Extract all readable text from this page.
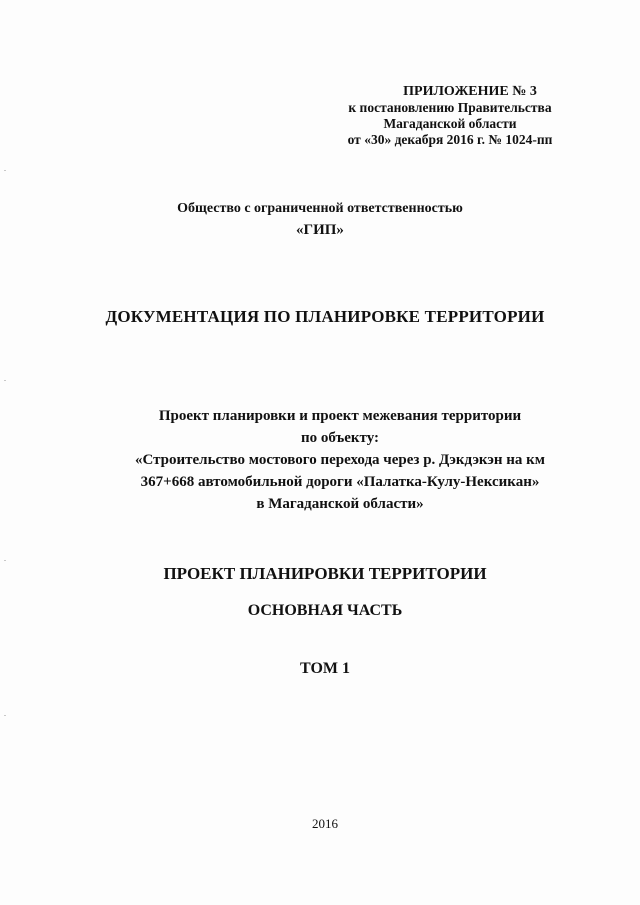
ПРИЛОЖЕНИЕ № 3
к постановлению Правительства
Магаданской области
от «30» декабря 2016 г. № 1024-пп
Общество с ограниченной ответственностью
«ГИП»
ДОКУМЕНТАЦИЯ ПО ПЛАНИРОВКЕ ТЕРРИТОРИИ
Проект планировки и проект межевания территории
по объекту:
«Строительство мостового перехода через р. Дэкдэкэн на км
367+668 автомобильной дороги «Палатка-Кулу-Нексикан»
в Магаданской области»
ПРОЕКТ ПЛАНИРОВКИ ТЕРРИТОРИИ
ОСНОВНАЯ ЧАСТЬ
ТОМ 1
2016
